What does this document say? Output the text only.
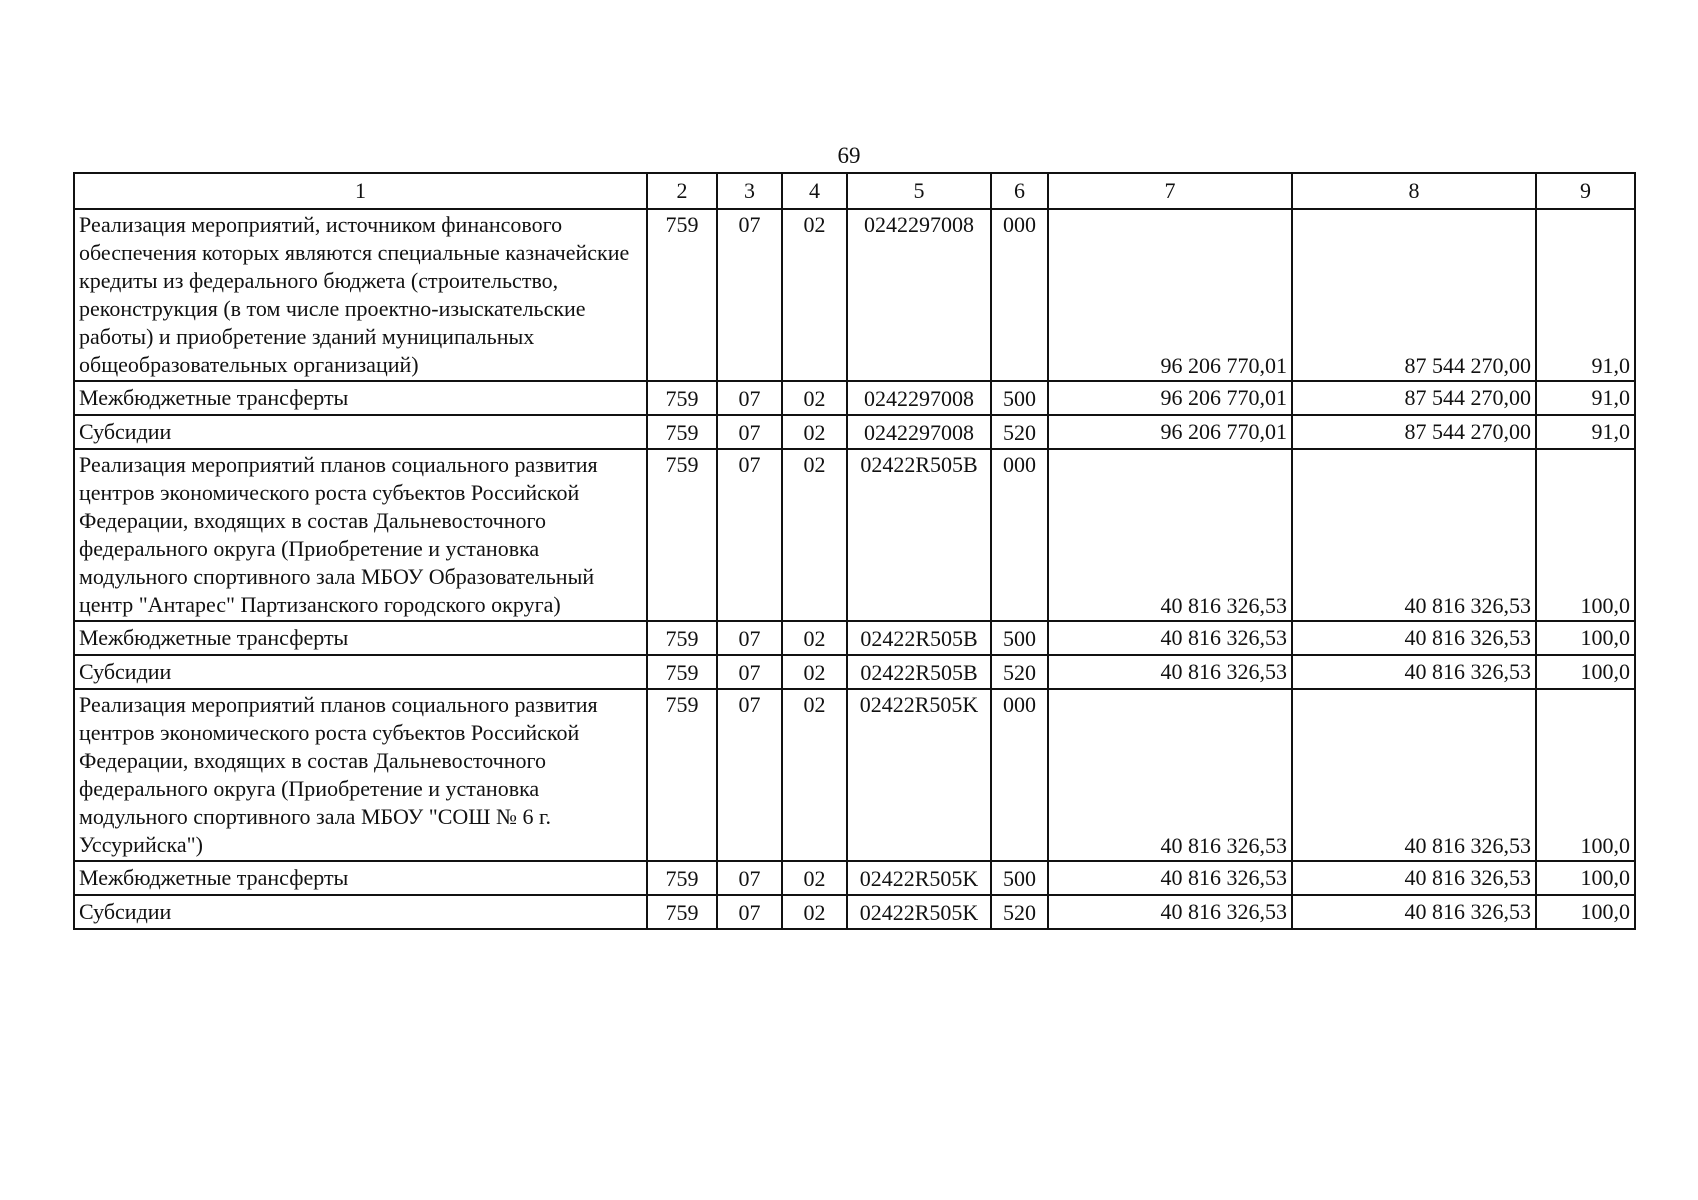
69
1	2	3	4	5	6	7	8	9
Реализация мероприятий, источником финансового обеспечения которых являются специальные казначейские кредиты из федерального бюджета (строительство, реконструкция (в том числе проектно-изыскательские работы) и приобретение зданий муниципальных общеобразовательных организаций)	759	07	02	0242297008	000	96 206 770,01	87 544 270,00	91,0
Межбюджетные трансферты	759	07	02	0242297008	500	96 206 770,01	87 544 270,00	91,0
Субсидии	759	07	02	0242297008	520	96 206 770,01	87 544 270,00	91,0
Реализация мероприятий планов социального развития центров экономического роста субъектов Российской Федерации, входящих в состав Дальневосточного федерального округа (Приобретение и установка модульного спортивного зала МБОУ Образовательный центр "Антарес" Партизанского городского округа)	759	07	02	02422R505B	000	40 816 326,53	40 816 326,53	100,0
Межбюджетные трансферты	759	07	02	02422R505B	500	40 816 326,53	40 816 326,53	100,0
Субсидии	759	07	02	02422R505B	520	40 816 326,53	40 816 326,53	100,0
Реализация мероприятий планов социального развития центров экономического роста субъектов Российской Федерации, входящих в состав Дальневосточного федерального округа (Приобретение и установка модульного спортивного зала МБОУ "СОШ № 6 г. Уссурийска")	759	07	02	02422R505K	000	40 816 326,53	40 816 326,53	100,0
Межбюджетные трансферты	759	07	02	02422R505K	500	40 816 326,53	40 816 326,53	100,0
Субсидии	759	07	02	02422R505K	520	40 816 326,53	40 816 326,53	100,0
